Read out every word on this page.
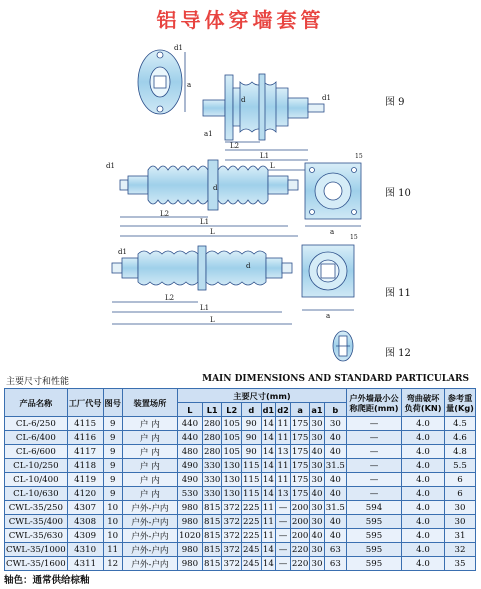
铝导体穿墙套管
d1
a
a1
L2
L1
L
d1
d
d1
L2
L1
L
d
15
a
d1
L2
L1
L
d
15
a
图 9
图 10
图 11
图 12
主要尺寸和性能	MAIN DIMENSIONS AND STANDARD PARTICULARS
产品名称	工厂代号	图号	装置场所	主要尺寸(mm)									户外墙最小公称爬距(mm)	弯曲破坏负荷(KN)	参考重量(Kg)
				L	L1	L2	d	d1	d2	a	a1	b			
CL-6/250	4115	9	户 内	440	280	105	90	14	11	175	30	30	—	4.0	4.5
CL-6/400	4116	9	户 内	440	280	105	90	14	11	175	30	40	—	4.0	4.6
CL-6/600	4117	9	户 内	480	280	105	90	14	13	175	40	40	—	4.0	4.8
CL-10/250	4118	9	户 内	490	330	130	115	14	11	175	30	31.5	—	4.0	5.5
CL-10/400	4119	9	户 内	490	330	130	115	14	11	175	30	40	—	4.0	6
CL-10/630	4120	9	户 内	530	330	130	115	14	13	175	40	40	—	4.0	6
CWL-35/250	4307	10	户外-户内	980	815	372	225	11	—	200	30	31.5	594	4.0	30
CWL-35/400	4308	10	户外-户内	980	815	372	225	11	—	200	30	40	595	4.0	30
CWL-35/630	4309	10	户外-户内	1020	815	372	225	11	—	200	40	40	595	4.0	31
CWL-35/1000	4310	11	户外-户内	980	815	372	245	14	—	220	30	63	595	4.0	32
CWL-35/1600	4311	12	户外-户内	980	815	372	245	14	—	220	30	63	595	4.0	35
轴色：通常供给棕釉
